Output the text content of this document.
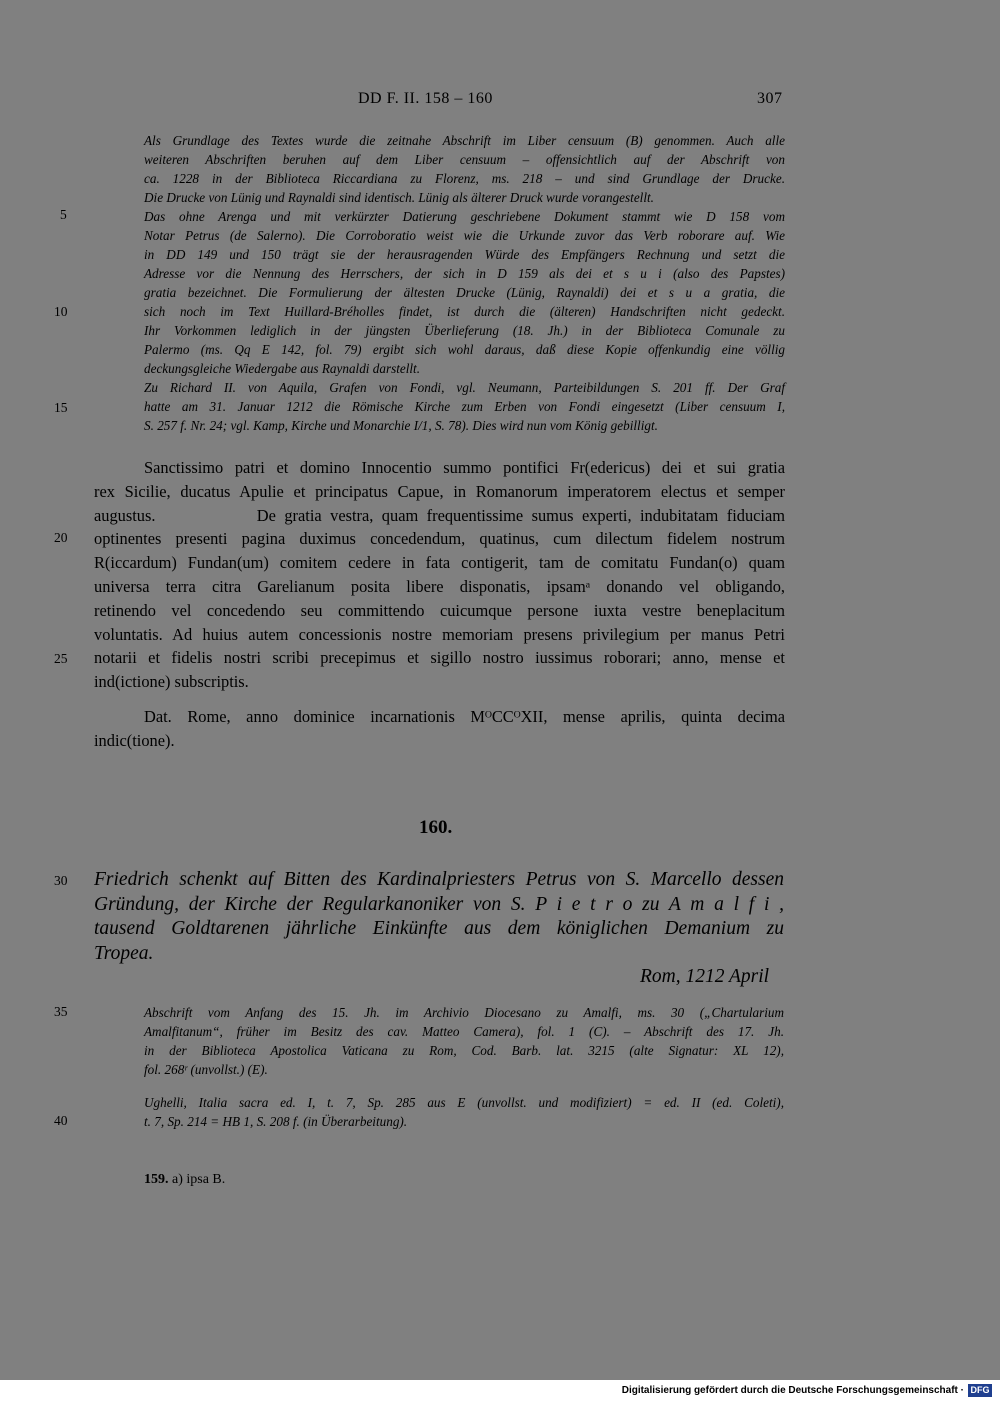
DD F. II. 158 – 160	307
Als Grundlage des Textes wurde die zeitnahe Abschrift im Liber censuum (B) genommen. Auch alle
weiteren Abschriften beruhen auf dem Liber censuum – offensichtlich auf der Abschrift von
ca. 1228 in der Biblioteca Riccardiana zu Florenz, ms. 218 – und sind Grundlage der Drucke.
Die Drucke von Lünig und Raynaldi sind identisch. Lünig als älterer Druck wurde vorangestellt.
Das ohne Arenga und mit verkürzter Datierung geschriebene Dokument stammt wie D 158 vom
Notar Petrus (de Salerno). Die Corroboratio weist wie die Urkunde zuvor das Verb roborare auf. Wie
in DD 149 und 150 trägt sie der herausragenden Würde des Empfängers Rechnung und setzt die
Adresse vor die Nennung des Herrschers, der sich in D 159 als dei et s u i (also des Papstes)
gratia bezeichnet. Die Formulierung der ältesten Drucke (Lünig, Raynaldi) dei et s u a gratia, die
sich noch im Text Huillard-Bréholles findet, ist durch die (älteren) Handschriften nicht gedeckt.
Ihr Vorkommen lediglich in der jüngsten Überlieferung (18. Jh.) in der Biblioteca Comunale zu
Palermo (ms. Qq E 142, fol. 79) ergibt sich wohl daraus, daß diese Kopie offenkundig eine völlig
deckungsgleiche Wiedergabe aus Raynaldi darstellt.
Zu Richard II. von Aquila, Grafen von Fondi, vgl. Neumann, Parteibildungen S. 201 ff. Der Graf
hatte am 31. Januar 1212 die Römische Kirche zum Erben von Fondi eingesetzt (Liber censuum I,
S. 257 f. Nr. 24; vgl. Kamp, Kirche und Monarchie I/1, S. 78). Dies wird nun vom König gebilligt.
Sanctissimo patri et domino Innocentio summo pontifici Fr(edericus) dei et sui gratia
rex Sicilie, ducatus Apulie et principatus Capue, in Romanorum imperatorem electus et semper
augustus.            De gratia vestra, quam frequentissime sumus experti, indubitatam fiduciam
optinentes presenti pagina duximus concedendum, quatinus, cum dilectum fidelem nostrum
R(iccardum) Fundan(um) comitem cedere in fata contigerit, tam de comitatu Fundan(o) quam
universa terra citra Garelianum posita libere disponatis, ipsamᵃ donando vel obligando,
retinendo vel concedendo seu committendo cuicumque persone iuxta vestre beneplacitum
voluntatis. Ad huius autem concessionis nostre memoriam presens privilegium per manus Petri
notarii et fidelis nostri scribi precepimus et sigillo nostro iussimus roborari; anno, mense et
ind(ictione) subscriptis.
Dat. Rome, anno dominice incarnationis MᴼCCᴼXII, mense aprilis, quinta decima
indic(tione).
160.
Friedrich schenkt auf Bitten des Kardinalpriesters Petrus von S. Marcello dessen
Gründung, der Kirche der Regularkanoniker von S. P i e t r o zu A m a l f i ,
tausend Goldtarenen jährliche Einkünfte aus dem königlichen Demanium zu
Tropea.
Rom, 1212 April
Abschrift vom Anfang des 15. Jh. im Archivio Diocesano zu Amalfi, ms. 30 („Chartularium
Amalfitanum“, früher im Besitz des cav. Matteo Camera), fol. 1 (C). – Abschrift des 17. Jh.
in der Biblioteca Apostolica Vaticana zu Rom, Cod. Barb. lat. 3215 (alte Signatur: XL 12),
fol. 268ʳ (unvollst.) (E).
Ughelli, Italia sacra ed. I, t. 7, Sp. 285 aus E (unvollst. und modifiziert) = ed. II (ed. Coleti),
t. 7, Sp. 214 = HB 1, S. 208 f. (in Überarbeitung).
159. a) ipsa B.
5
10
15
20
25
30
35
40
Digitalisierung gefördert durch die Deutsche Forschungsgemeinschaft · DFG
